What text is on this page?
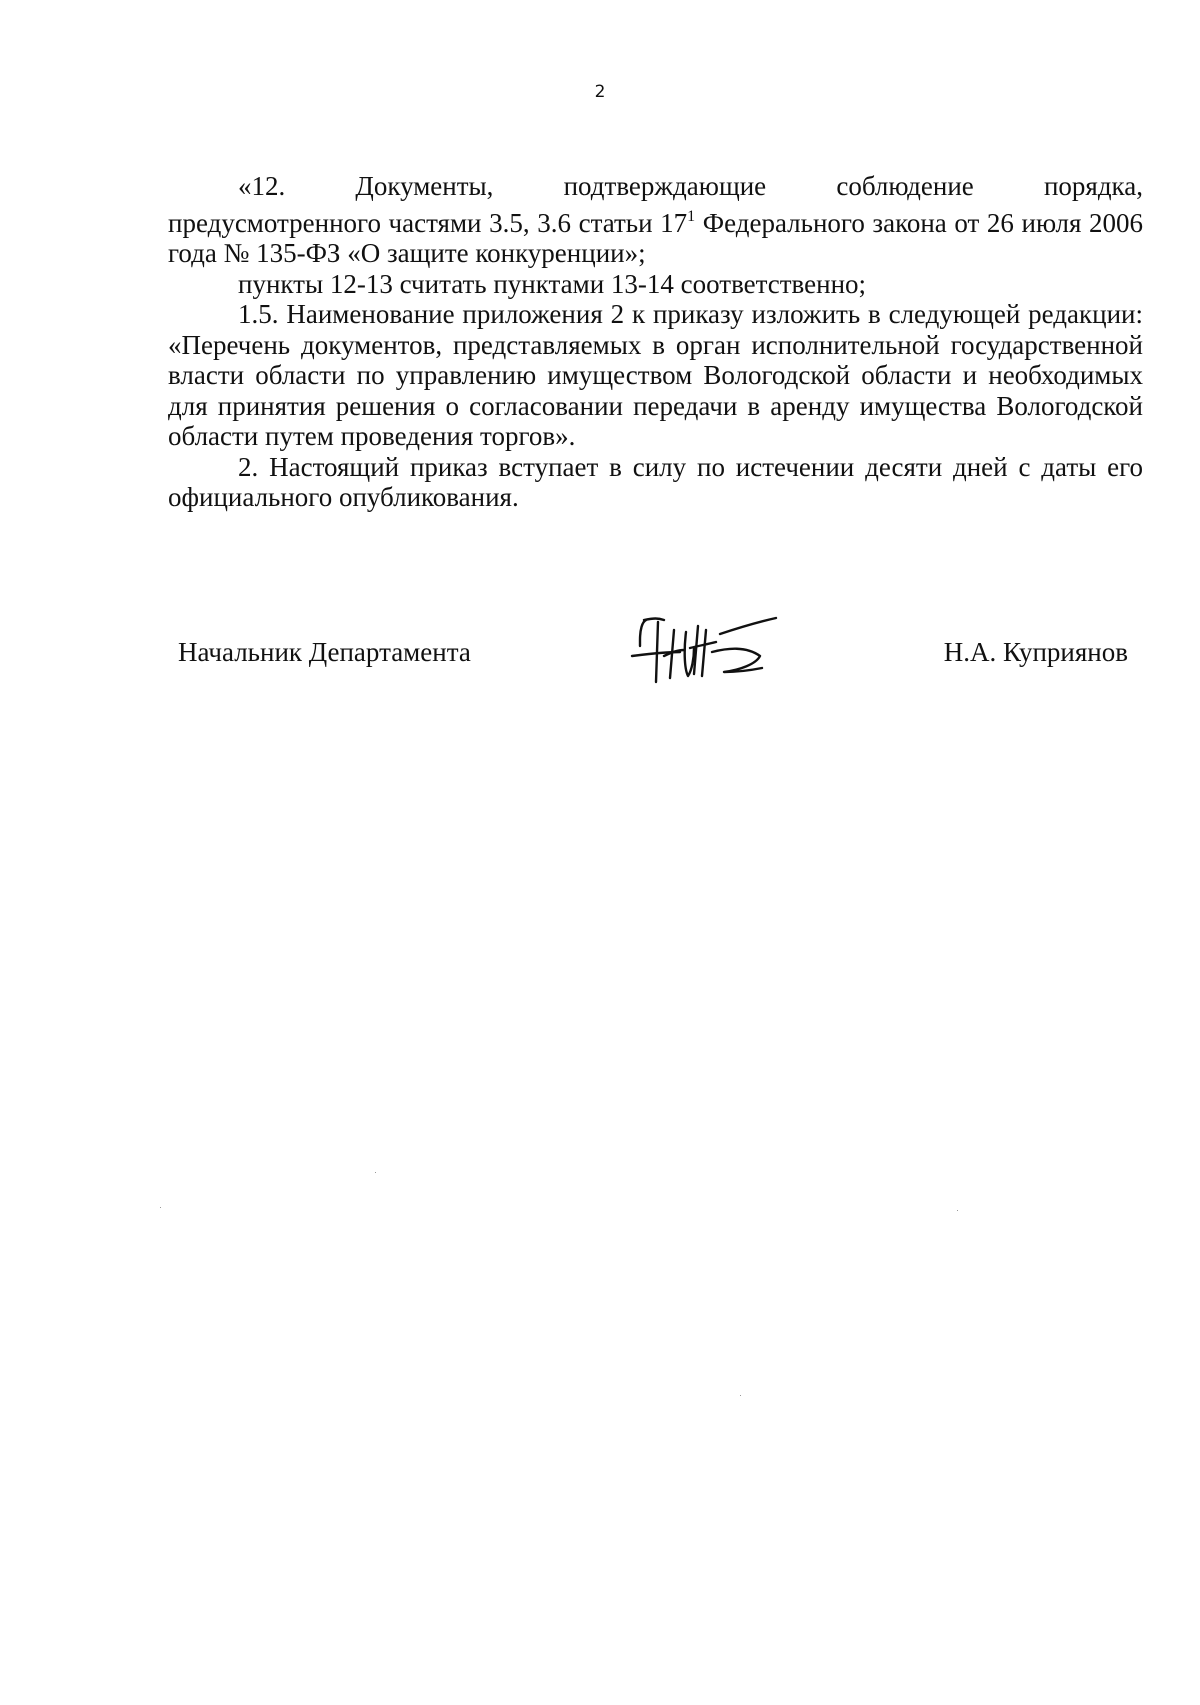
2

«12.	Документы,	подтверждающие	соблюдение	порядка,
предусмотренного частями 3.5, 3.6 статьи $17^1$ Федерального закона от 26 июля 2006 года № 135-ФЗ «О защите конкуренции»;

пункты 12-13 считать пунктами 13-14 соответственно;

1.5. Наименование приложения 2 к приказу изложить в следующей редакции: «Перечень документов, представляемых в орган исполнительной государственной власти области по управлению имуществом Вологодской области и необходимых для принятия решения о согласовании передачи в аренду имущества Вологодской области путем проведения торгов».

2. Настоящий приказ вступает в силу по истечении десяти дней с даты его официального опубликования.

Начальник Департамента	Н.А. Куприянов
